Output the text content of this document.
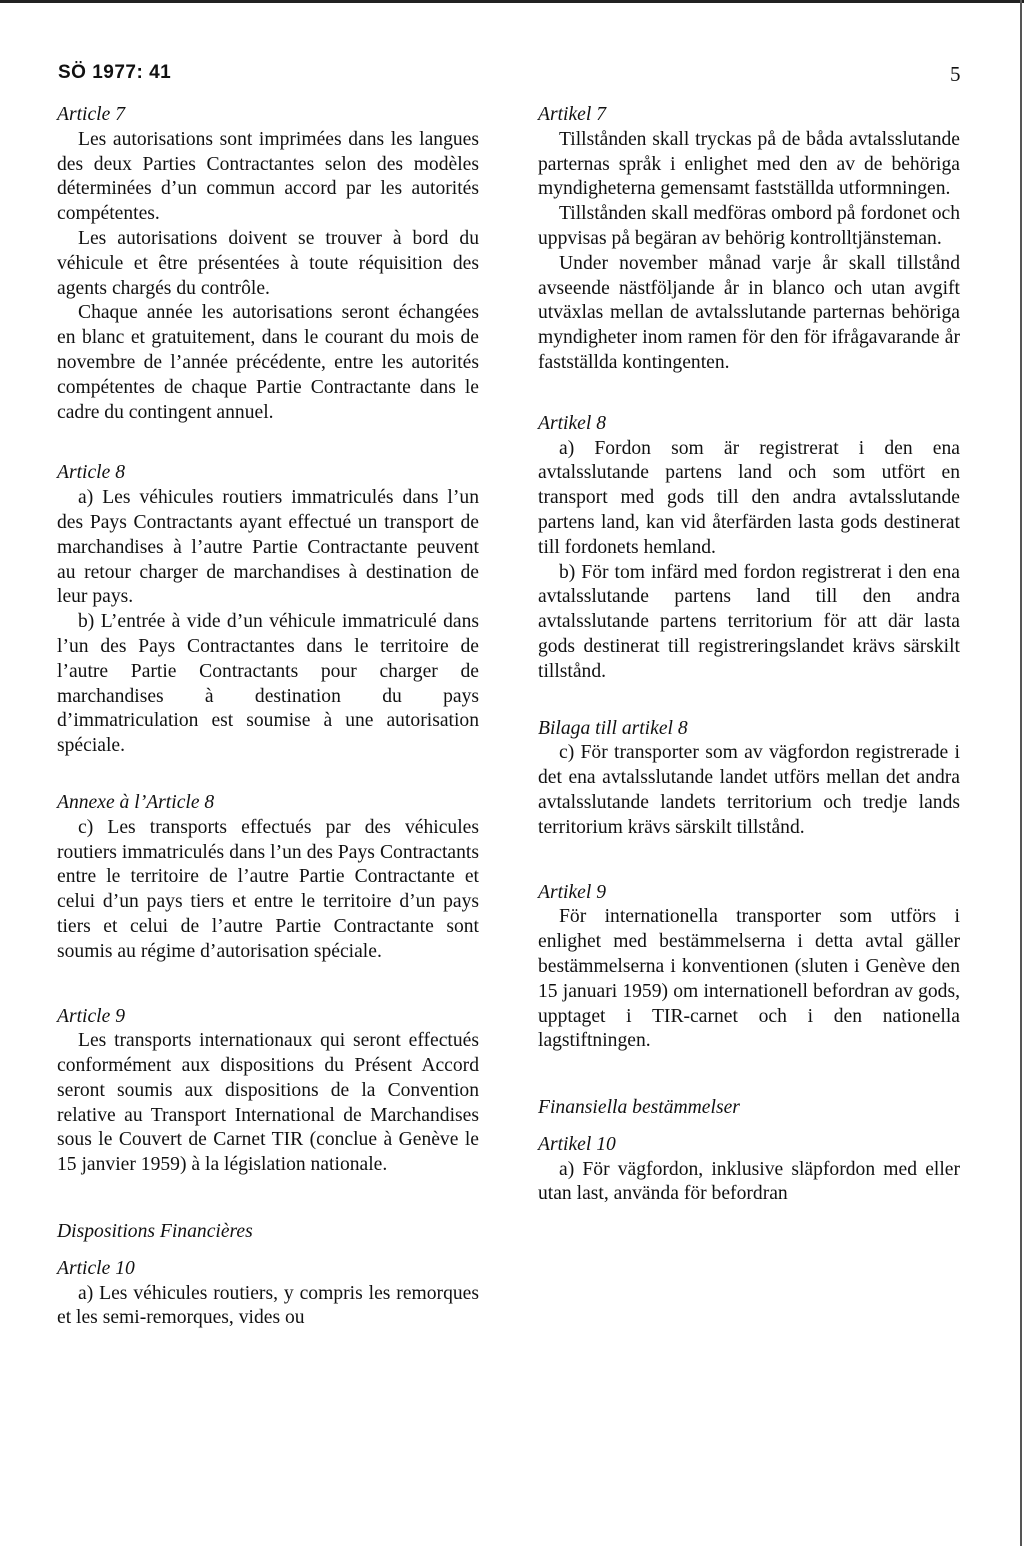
SÖ 1977: 41	5
Article 7

Les autorisations sont imprimées dans les langues des deux Parties Contractantes selon des modèles déterminées d’un commun accord par les autorités compétentes.

Les autorisations doivent se trouver à bord du véhicule et être présentées à toute réquisition des agents chargés du contrôle.

Chaque année les autorisations seront échangées en blanc et gratuitement, dans le courant du mois de novembre de l’année précédente, entre les autorités compétentes de chaque Partie Contractante dans le cadre du contingent annuel.

Article 8

a) Les véhicules routiers immatriculés dans l’un des Pays Contractants ayant effectué un transport de marchandises à l’autre Partie Contractante peuvent au retour charger de marchandises à destination de leur pays.

b) L’entrée à vide d’un véhicule immatriculé dans l’un des Pays Contractantes dans le territoire de l’autre Partie Contractants pour charger de marchandises à destination du pays d’immatriculation est soumise à une autorisation spéciale.

Annexe à l’Article 8

c) Les transports effectués par des véhicules routiers immatriculés dans l’un des Pays Contractants entre le territoire de l’autre Partie Contractante et celui d’un pays tiers et entre le territoire d’un pays tiers et celui de l’autre Partie Contractante sont soumis au régime d’autorisation spéciale.

Article 9

Les transports internationaux qui seront effectués conformément aux dispositions du Présent Accord seront soumis aux dispositions de la Convention relative au Transport International de Marchandises sous le Couvert de Carnet TIR (conclue à Genève le 15 janvier 1959) à la législation nationale.

Dispositions Financières
Article 10

a) Les véhicules routiers, y compris les remorques et les semi-remorques, vides ou

Artikel 7

Tillstånden skall tryckas på de båda avtalsslutande parternas språk i enlighet med den av de behöriga myndigheterna gemensamt fastställda utformningen.

Tillstånden skall medföras ombord på fordonet och uppvisas på begäran av behörig kontrolltjänsteman.

Under november månad varje år skall tillstånd avseende nästföljande år in blanco och utan avgift utväxlas mellan de avtalsslutande parternas behöriga myndigheter inom ramen för den för ifrågavarande år fastställda kontingenten.

Artikel 8

a) Fordon som är registrerat i den ena avtalsslutande partens land och som utfört en transport med gods till den andra avtalsslutande partens land, kan vid återfärden lasta gods destinerat till fordonets hemland.

b) För tom infärd med fordon registrerat i den ena avtalsslutande partens land till den andra avtalsslutande partens territorium för att där lasta gods destinerat till registreringslandet krävs särskilt tillstånd.

Bilaga till artikel 8

c) För transporter som av vägfordon registrerade i det ena avtalsslutande landet utförs mellan det andra avtalsslutande landets territorium och tredje lands territorium krävs särskilt tillstånd.

Artikel 9

För internationella transporter som utförs i enlighet med bestämmelserna i detta avtal gäller bestämmelserna i konventionen (sluten i Genève den 15 januari 1959) om internationell befordran av gods, upptaget i TIR-carnet och i den nationella lagstiftningen.

Finansiella bestämmelser
Artikel 10

a) För vägfordon, inklusive släpfordon med eller utan last, använda för befordran
